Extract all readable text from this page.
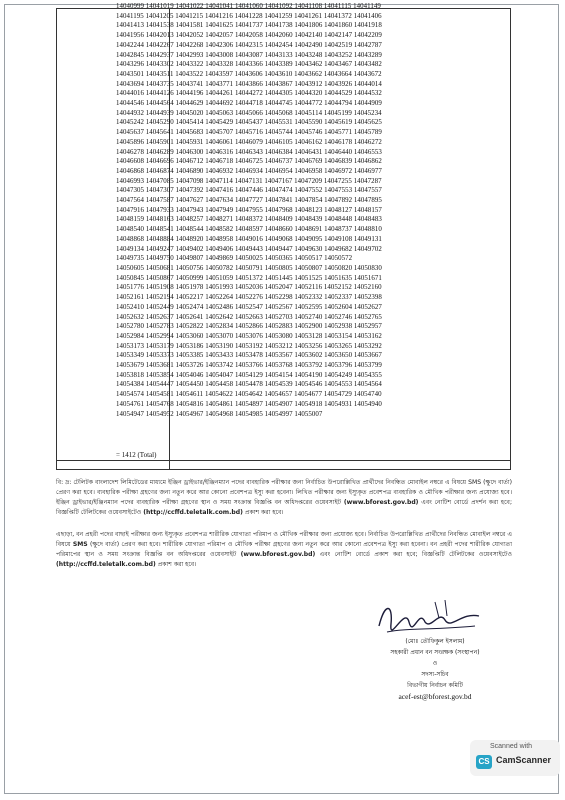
14040999 14041019 14041022 14041041 14041060 14041092 14041108 14041115 14041149
14041195 14041205 14041215 14041216 14041228 14041259 14041261 14041372 14041406
14041413 14041538 14041581 14041625 14041737 14041738 14041806 14041860 14041918
14041956 14042013 14042052 14042057 14042058 14042060 14042140 14042147 14042209
14042244 14042267 14042268 14042306 14042315 14042454 14042490 14042519 14042787
14042845 14042937 14042993 14043008 14043087 14043133 14043248 14043252 14043289
14043296 14043302 14043322 14043328 14043366 14043389 14043462 14043467 14043482
14043501 14043511 14043522 14043597 14043606 14043610 14043662 14043664 14043672
14043694 14043735 14043741 14043771 14043866 14043867 14043912 14043926 14044014
14044016 14044126 14044196 14044261 14044272 14044305 14044320 14044529 14044532
14044546 14044564 14044629 14044692 14044718 14044745 14044772 14044794 14044909
14044932 14044939 14045020 14045063 14045066 14045068 14045114 14045199 14045234
14045242 14045290 14045414 14045429 14045437 14045531 14045590 14045619 14045625
14045637 14045641 14045683 14045707 14045716 14045744 14045746 14045771 14045789
14045896 14045901 14045931 14046061 14046079 14046105 14046162 14046178 14046272
14046278 14046289 14046300 14046316 14046343 14046384 14046431 14046440 14046553
14046608 14046696 14046712 14046718 14046725 14046737 14046769 14046839 14046862
14046868 14046874 14046890 14046932 14046934 14046954 14046958 14046972 14046977
14046993 14047085 14047098 14047114 14047131 14047167 14047209 14047255 14047287
14047305 14047307 14047392 14047416 14047446 14047474 14047552 14047553 14047557
14047564 14047587 14047627 14047634 14047727 14047841 14047854 14047892 14047895
14047916 14047933 14047943 14047949 14047955 14047968 14048123 14048127 14048157
14048159 14048163 14048257 14048271 14048372 14048409 14048439 14048448 14048483
14048540 14048541 14048544 14048582 14048597 14048660 14048691 14048737 14048810
14048868 14048884 14048920 14048958 14049016 14049068 14049095 14049108 14049131
14049134 14049247 14049402 14049406 14049443 14049447 14049630 14049682 14049702
14049735 14049750 14049807 14049869 14050025 14050365 14050517 14050572
14050605 14050681 14050756 14050782 14050791 14050805 14050807 14050820 14050830
14050845 14050867 14050999 14051059 14051372 14051445 14051525 14051635 14051671
14051776 14051908 14051978 14051993 14052036 14052047 14052116 14052152 14052160
14052161 14052194 14052217 14052264 14052276 14052298 14052332 14052337 14052398
14052410 14052449 14052474 14052486 14052547 14052567 14052595 14052604 14052627
14052632 14052637 14052641 14052642 14052663 14052703 14052740 14052746 14052765
14052780 14052783 14052822 14052834 14052866 14052883 14052900 14052938 14052957
14052984 14052994 14053060 14053070 14053076 14053080 14053128 14053154 14053162
14053173 14053179 14053186 14053190 14053192 14053212 14053256 14053265 14053292
14053349 14053373 14053385 14053433 14053478 14053567 14053602 14053650 14053667
14053679 14053681 14053726 14053742 14053766 14053768 14053792 14053796 14053799
14053818 14053854 14054046 14054047 14054129 14054154 14054190 14054249 14054355
14054384 14054447 14054450 14054458 14054478 14054539 14054546 14054553 14054564
14054574 14054581 14054611 14054622 14054642 14054657 14054677 14054729 14054740
14054761 14054768 14054816 14054861 14054897 14054907 14054918 14054931 14054940
14054947 14054952 14054967 14054968 14054985 14054997 14055007
= 1412 (Total)
বি: দ্র: টেলিটক বাংলাদেশ লিমিটেডের মাধ্যমে ইঞ্জিন ড্রাইভার/ইঞ্জিনম্যান পদের ব্যবহারিক পরীক্ষার জন্য নির্বাচিত উপরোল্লিখিত প্রার্থীদের নিবন্ধিত মোবাইল নম্বরে এ বিষয়ে SMS (ক্ষুদে বার্তা) প্রেরণ করা হবে। ব্যবহারিক পরীক্ষা গ্রহণের জন্য নতুন করে আর কোনো প্রবেশপত্র ইস্যু করা হবেনা। লিখিত পরীক্ষার জন্য ইস্যুকৃত প্রবেশপত্র ব্যবহারিক ও মৌখিক পরীক্ষার জন্য প্রযোজ্য হবে। ইঞ্জিন ড্রাইভার/ইঞ্জিনম্যান পদের ব্যবহারিক পরীক্ষা গ্রহণের স্থান ও সময় সংক্রান্ত বিজ্ঞপ্তি বন অধিদপ্তরের ওয়েবসাইট (www.bforest.gov.bd) এবং নোটিশ বোর্ডে প্রদর্শন করা হবে; বিজ্ঞপ্তিটি টেলিটকের ওয়েবসাইটেও (http://ccffd.teletalk.com.bd) প্রকাশ করা হবে।
এছাড়া, বন প্রহরী পদের বাছাই পরীক্ষার জন্য ইস্যুকৃত প্রবেশপত্র শারীরিক যোগ্যতা পরিমাপ ও মৌখিক পরীক্ষার জন্য প্রযোজ্য হবে। নির্বাচিত উপরোল্লিখিত প্রার্থীদের নিবন্ধিত মোবাইল নম্বরে এ বিষয়ে SMS (ক্ষুদে বার্তা) প্রেরণ করা হবে। শারীরিক যোগ্যতা পরিমাপ ও মৌখিক পরীক্ষা গ্রহণের জন্য নতুন করে আর কোনো প্রবেশপত্র ইস্যু করা হবেনা। বন প্রহরী পদের শারীরিক যোগ্যতা পরিমাপের স্থান ও সময় সংক্রান্ত বিজ্ঞপ্তি বন অধিদপ্তরের ওয়েবসাইট (www.bforest.gov.bd) এবং নোটিশ বোর্ডে প্রকাশ করা হবে; বিজ্ঞপ্তিটি টেলিটকের ওয়েবসাইটেও (http://ccffd.teletalk.com.bd) প্রকাশ করা হবে।
(মোঃ তৌফিকুল ইসলাম)
সহকারী প্রধান বন সংরক্ষক (সংস্থাপন)
ও
সদস্য-সচিব
বিভাগীয় নির্বাচন কমিটি
acef-est@bforest.gov.bd
Scanned with
CS CamScanner
